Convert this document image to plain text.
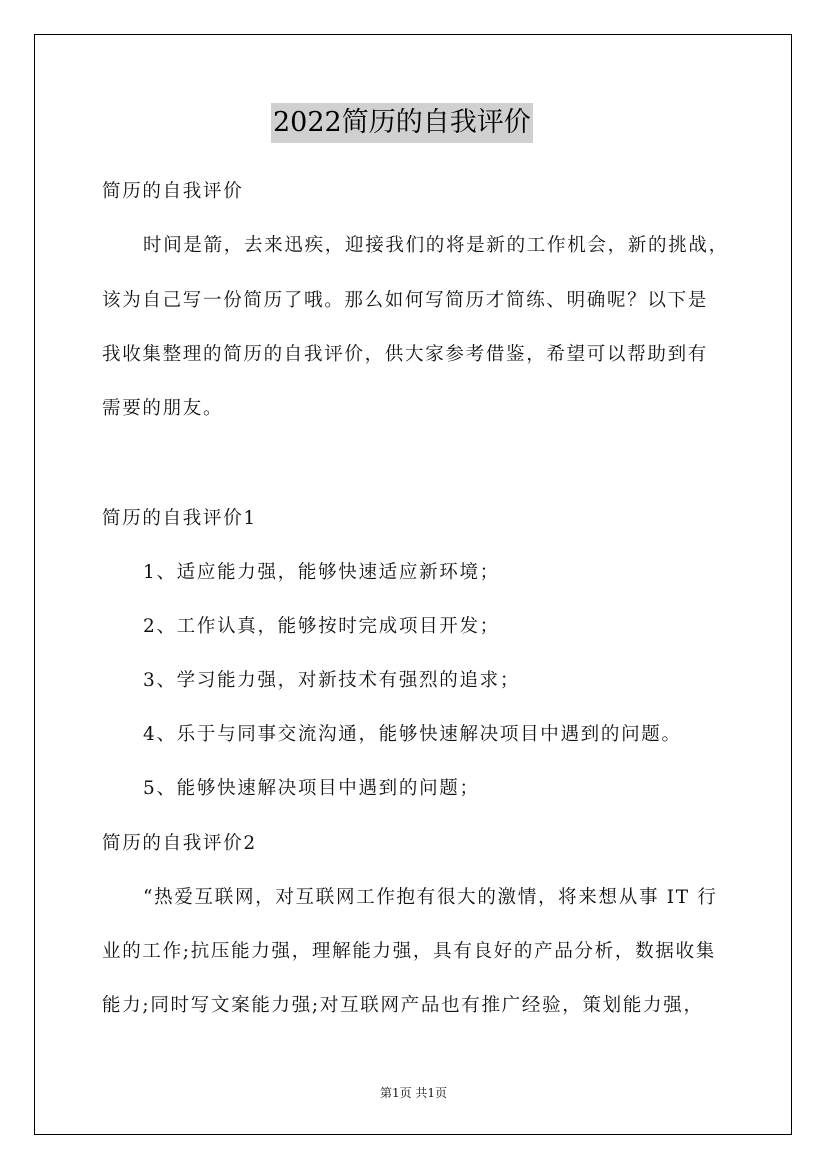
2022简历的自我评价
简历的自我评价
时间是箭，去来迅疾，迎接我们的将是新的工作机会，新的挑战，
该为自己写一份简历了哦。那么如何写简历才简练、明确呢？以下是
我收集整理的简历的自我评价，供大家参考借鉴，希望可以帮助到有
需要的朋友。
简历的自我评价1
1、适应能力强，能够快速适应新环境；
2、工作认真，能够按时完成项目开发；
3、学习能力强，对新技术有强烈的追求；
4、乐于与同事交流沟通，能够快速解决项目中遇到的问题。
5、能够快速解决项目中遇到的问题；
简历的自我评价2
“热爱互联网，对互联网工作抱有很大的激情，将来想从事 IT 行
业的工作;抗压能力强，理解能力强，具有良好的产品分析，数据收集
能力;同时写文案能力强;对互联网产品也有推广经验，策划能力强，
第1页 共1页
